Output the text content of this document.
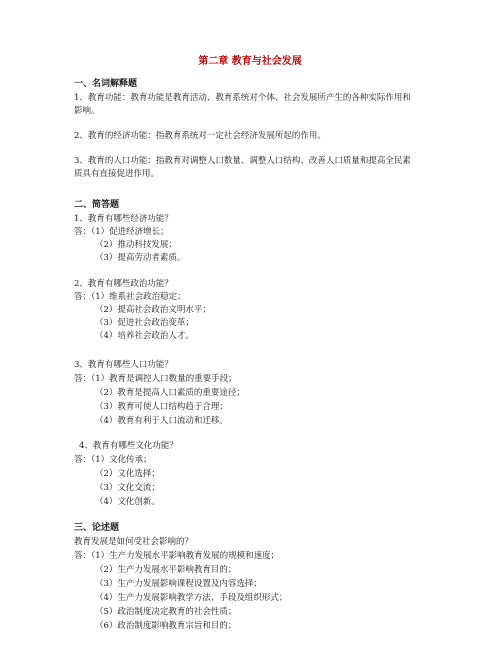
第二章 教育与社会发展
一、名词解释题
1、教育功能：教育功能是教育活动、教育系统对个体、社会发展所产生的各种实际作用和
影响。
2、教育的经济功能：指教育系统对一定社会经济发展所起的作用。
3、教育的人口功能：指教育对调整人口数量、调整人口结构、改善人口质量和提高全民素
质具有直接促进作用。
二、简答题
1、教育有哪些经济功能？
答：（1）促进经济增长；
（2）推动科技发展；
（3）提高劳动者素质。
2、教育有哪些政治功能？
答：（1）维系社会政治稳定；
（2）提高社会政治文明水平；
（3）促进社会政治变革；
（4）培养社会政治人才。
3、教育有哪些人口功能？
答：（1）教育是调控人口数量的重要手段；
（2）教育是提高人口素质的重要途径；
（3）教育可使人口结构趋于合理；
（4）教育有利于人口流动和迁移。
4、教育有哪些文化功能？
答：（1）文化传承；
（2）文化选择；
（3）文化交流；
（4）文化创新。
三、论述题
教育发展是如何受社会影响的？
答：（1）生产力发展水平影响教育发展的规模和速度；
（2）生产力发展水平影响教育目的；
（3）生产力发展影响课程设置及内容选择；
（4）生产力发展影响教学方法、手段及组织形式；
（5）政治制度决定教育的社会性质；
（6）政治制度影响教育宗旨和目的；
